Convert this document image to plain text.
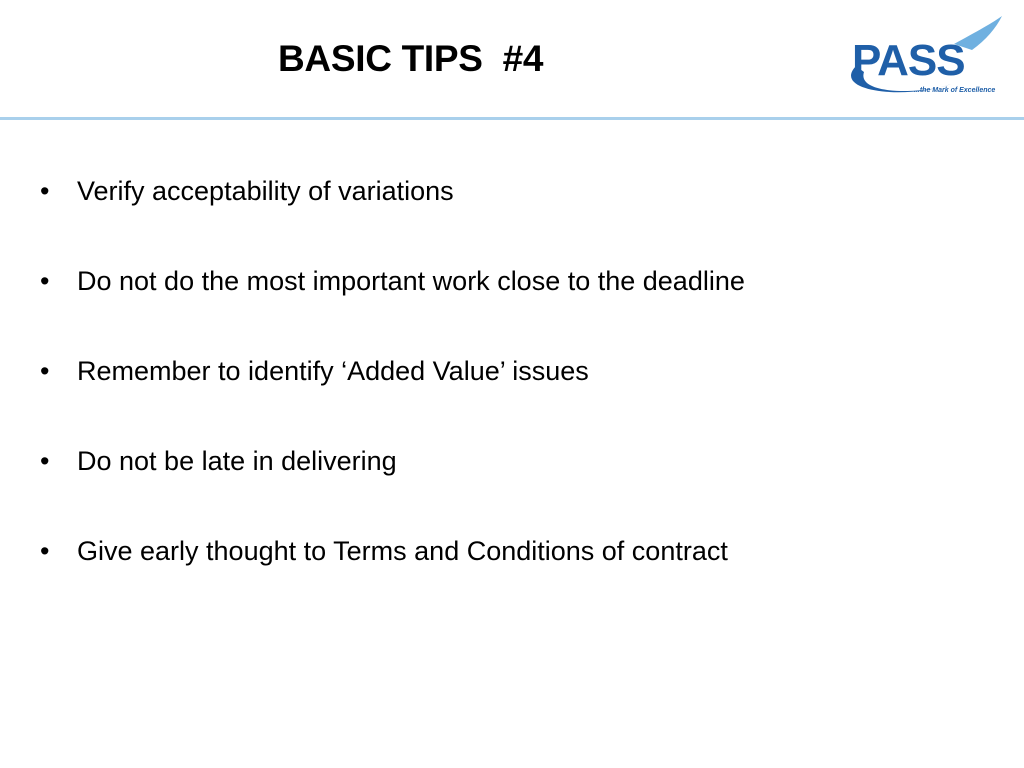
BASIC TIPS  #4	PASS
...the Mark of Excellence
•	Verify acceptability of variations
•	Do not do the most important work close to the deadline
•	Remember to identify ‘Added Value’ issues
•	Do not be late in delivering
•	Give early thought to Terms and Conditions of contract
